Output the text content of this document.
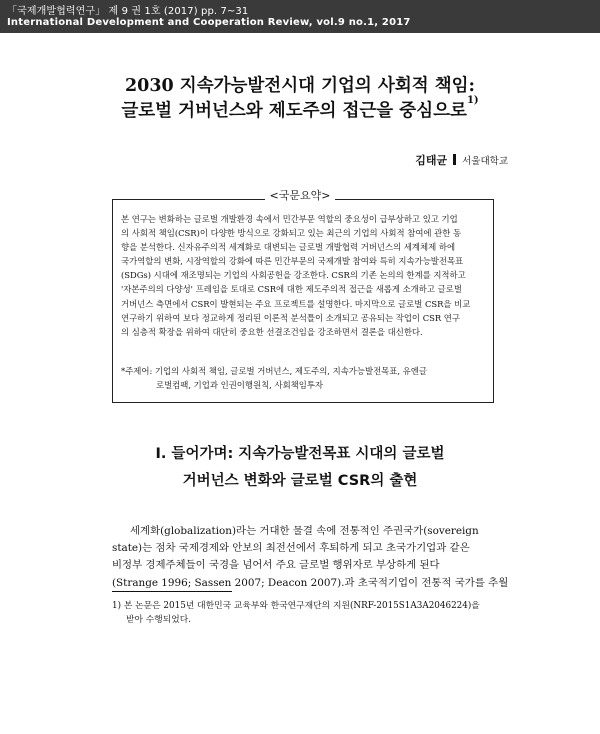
「국제개발협력연구」 제 9 권 1호 (2017) pp. 7~31
International Development and Cooperation Review, vol.9 no.1, 2017
2030 지속가능발전시대 기업의 사회적 책임:
글로벌 거버넌스와 제도주의 접근을 중심으로$^{1)}$
김태균 서울대학교
<국문요약>
본 연구는 변화하는 글로벌 개발환경 속에서 민간부문 역할의 중요성이 급부상하고 있고 기업
의 사회적 책임(CSR)이 다양한 방식으로 강화되고 있는 최근의 기업의 사회적 참여에 관한 동
향을 분석한다. 신자유주의적 세계화로 대변되는 글로벌 개발협력 거버넌스의 세계체제 하에
국가역할의 변화, 시장역할의 강화에 따른 민간부문의 국제개발 참여와 특히 지속가능발전목표
(SDGs) 시대에 재조명되는 기업의 사회공헌을 강조한다. CSR의 기존 논의의 한계를 지적하고
'자본주의의 다양성' 프레임을 토대로 CSR에 대한 제도주의적 접근을 새롭게 소개하고 글로벌
거버넌스 측면에서 CSR이 발현되는 주요 프로젝트를 설명한다. 마지막으로 글로벌 CSR을 비교
연구하기 위하여 보다 정교하게 정리된 이론적 분석틀이 소개되고 공유되는 작업이 CSR 연구
의 심층적 확장을 위하여 대단히 중요한 선결조건임을 강조하면서 결론을 대신한다.
*주제어: 기업의 사회적 책임, 글로벌 거버넌스, 제도주의, 지속가능발전목표, 유엔글
로벌컴팩, 기업과 인권이행원칙, 사회책임투자
Ⅰ. 들어가며: 지속가능발전목표 시대의 글로벌
거버넌스 변화와 글로벌 CSR의 출현
세계화(globalization)라는 거대한 물결 속에 전통적인 주권국가(sovereign
state)는 점차 국제경제와 안보의 최전선에서 후퇴하게 되고 초국가기업과 같은
비정부 경제주체들이 국경을 넘어서 주요 글로벌 행위자로 부상하게 된다
(Strange 1996; Sassen 2007; Deacon 2007).과 초국적기업이 전통적 국가를 추월
1) 본 논문은 2015년 대한민국 교육부와 한국연구재단의 지원(NRF-2015S1A3A2046224)을
받아 수행되었다.
